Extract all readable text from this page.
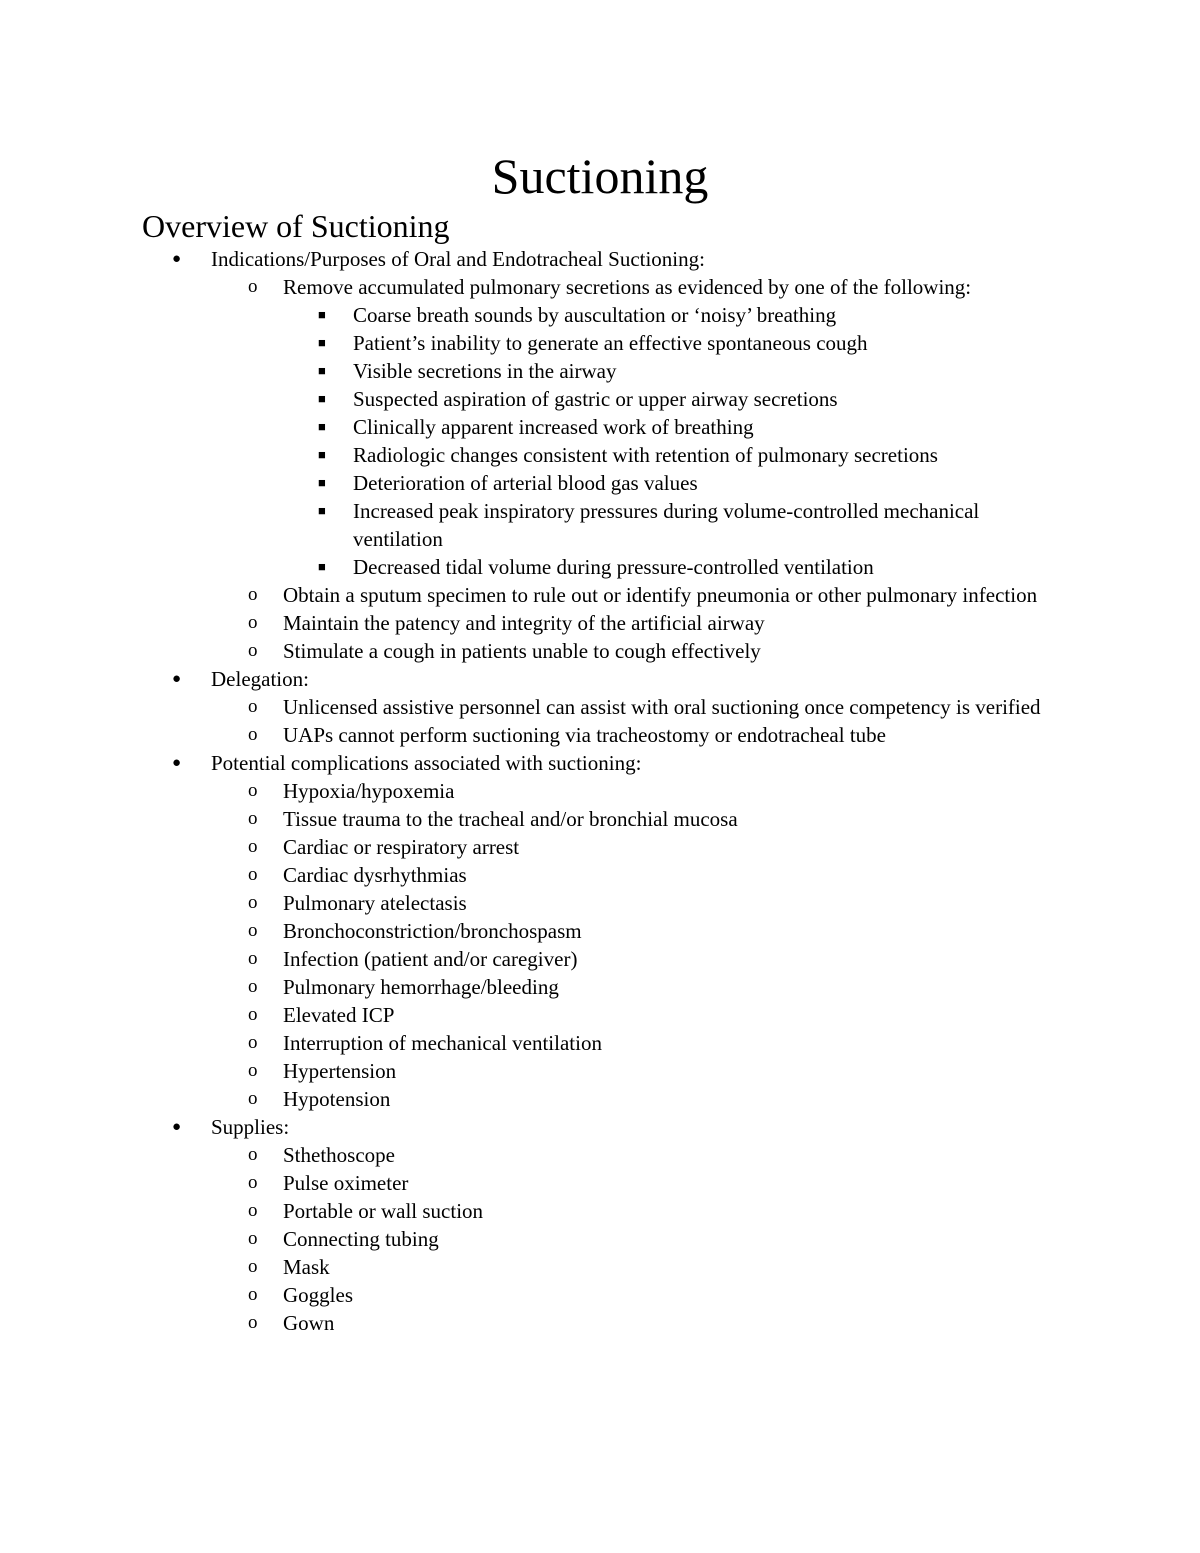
Suctioning
Overview of Suctioning
● Indications/Purposes of Oral and Endotracheal Suctioning:
o Remove accumulated pulmonary secretions as evidenced by one of the following:
■ Coarse breath sounds by auscultation or ‘noisy’ breathing
■ Patient’s inability to generate an effective spontaneous cough
■ Visible secretions in the airway
■ Suspected aspiration of gastric or upper airway secretions
■ Clinically apparent increased work of breathing
■ Radiologic changes consistent with retention of pulmonary secretions
■ Deterioration of arterial blood gas values
■ Increased peak inspiratory pressures during volume-controlled mechanical ventilation
■ Decreased tidal volume during pressure-controlled ventilation
o Obtain a sputum specimen to rule out or identify pneumonia or other pulmonary infection
o Maintain the patency and integrity of the artificial airway
o Stimulate a cough in patients unable to cough effectively
● Delegation:
o Unlicensed assistive personnel can assist with oral suctioning once competency is verified
o UAPs cannot perform suctioning via tracheostomy or endotracheal tube
● Potential complications associated with suctioning:
o Hypoxia/hypoxemia
o Tissue trauma to the tracheal and/or bronchial mucosa
o Cardiac or respiratory arrest
o Cardiac dysrhythmias
o Pulmonary atelectasis
o Bronchoconstriction/bronchospasm
o Infection (patient and/or caregiver)
o Pulmonary hemorrhage/bleeding
o Elevated ICP
o Interruption of mechanical ventilation
o Hypertension
o Hypotension
● Supplies:
o Sthethoscope
o Pulse oximeter
o Portable or wall suction
o Connecting tubing
o Mask
o Goggles
o Gown
